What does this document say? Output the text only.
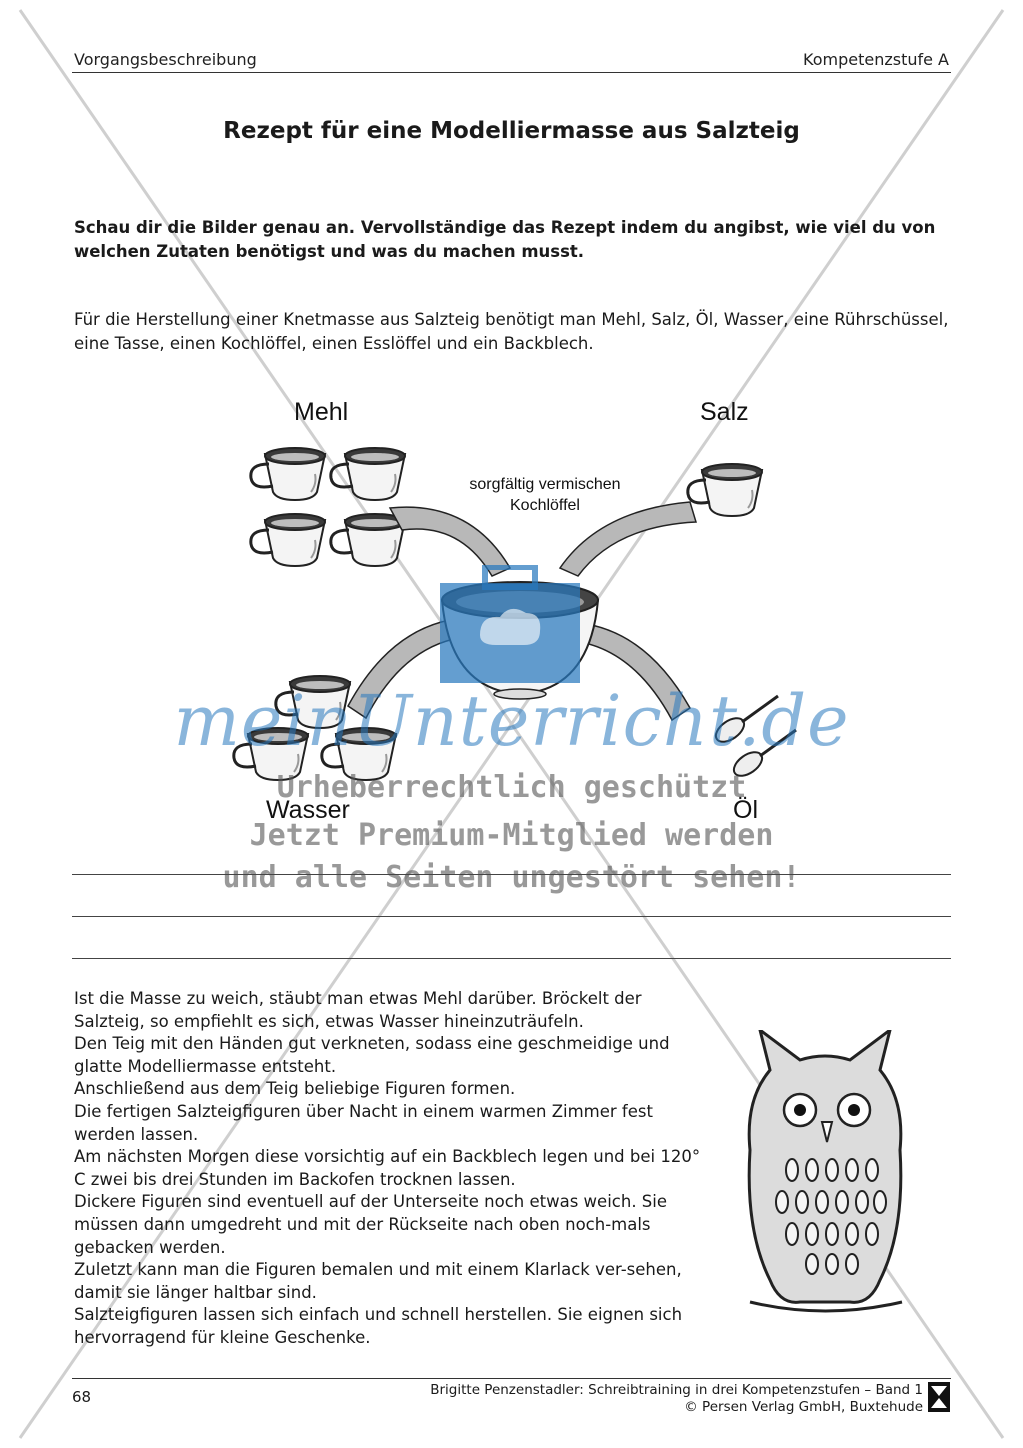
Vorgangsbeschreibung	Kompetenzstufe A
Rezept für eine Modelliermasse aus Salzteig
Schau dir die Bilder genau an. Vervollständige das Rezept indem du angibst, wie viel du von welchen Zutaten benötigst und was du machen musst.
Für die Herstellung einer Knetmasse aus Salzteig benötigt man Mehl, Salz, Öl, Wasser, eine Rührschüssel, eine Tasse, einen Kochlöffel, einen Esslöffel und ein Backblech.
Mehl	Salz
Wasser	Öl
sorgfältig vermischen
Kochlöffel
meinUnterricht.de
Urheberrechtlich geschützt
Jetzt Premium-Mitglied werden
und alle Seiten ungestört sehen!

Ist die Masse zu weich, stäubt man etwas Mehl darüber. Bröckelt der Salzteig, so empfiehlt es sich, etwas Wasser hineinzuträufeln.

Den Teig mit den Händen gut verkneten, sodass eine geschmeidige und glatte Modelliermasse entsteht.

Anschließend aus dem Teig beliebige Figuren formen.

Die fertigen Salzteigfiguren über Nacht in einem warmen Zimmer fest werden lassen.

Am nächsten Morgen diese vorsichtig auf ein Backblech legen und bei 120° C zwei bis drei Stunden im Backofen trocknen lassen.

Dickere Figuren sind eventuell auf der Unterseite noch etwas weich. Sie müssen dann umgedreht und mit der Rückseite nach oben noch-mals gebacken werden.

Zuletzt kann man die Figuren bemalen und mit einem Klarlack ver-sehen, damit sie länger haltbar sind.

Salzteigfiguren lassen sich einfach und schnell herstellen. Sie eignen sich hervorragend für kleine Geschenke.

68	Brigitte Penzenstadler: Schreibtraining in drei Kompetenzstufen – Band 1
© Persen Verlag GmbH, Buxtehude
